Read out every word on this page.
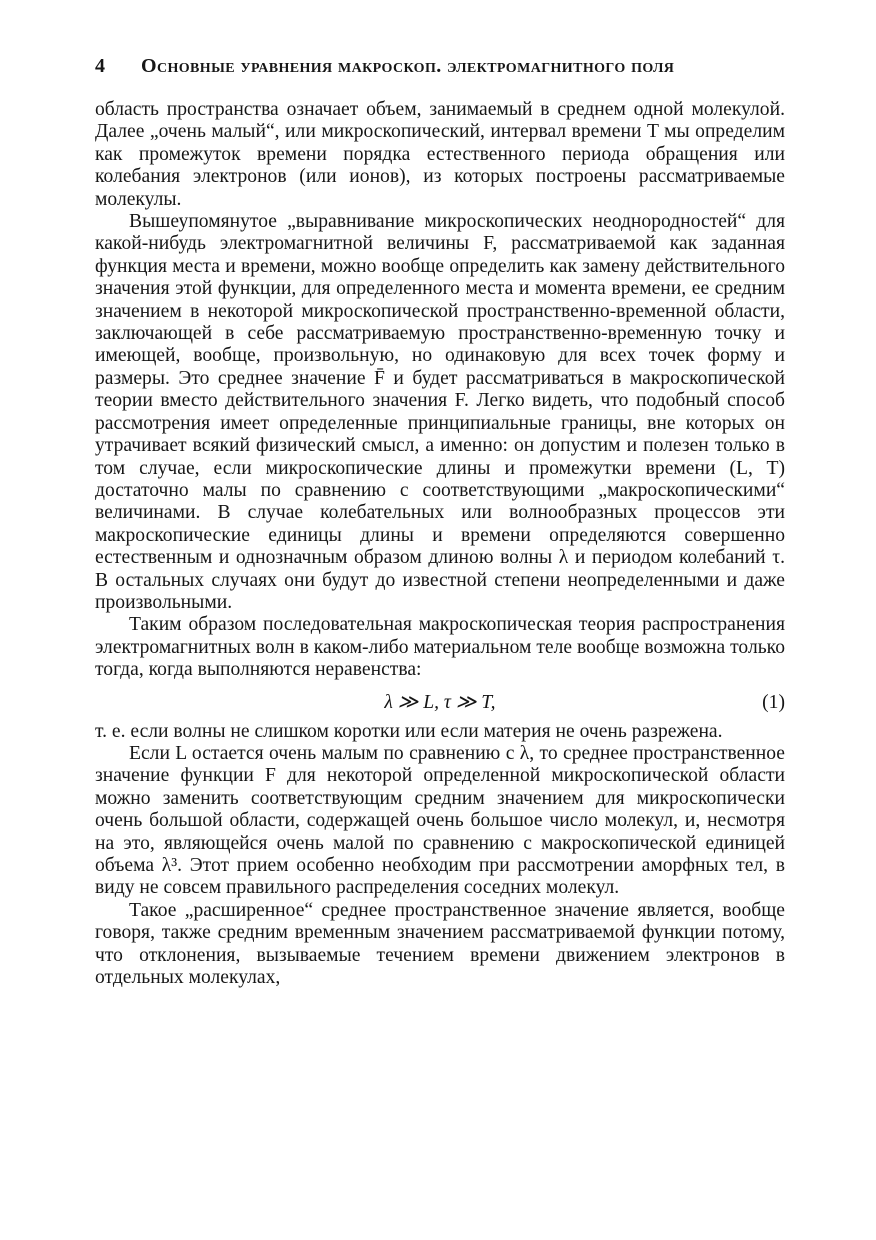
4 Основные уравнения макроскоп. электромагнитного поля

область пространства означает объем, занимаемый в среднем одной молекулой. Далее „очень малый“, или микроскопический, интервал времени T мы определим как промежуток времени порядка естественного периода обращения или колебания электронов (или ионов), из которых построены рассматриваемые молекулы.

Вышеупомянутое „выравнивание микроскопических неоднородностей“ для какой-нибудь электромагнитной величины F, рассматриваемой как заданная функция места и времени, можно вообще определить как замену действительного значения этой функции, для определенного места и момента времени, ее средним значением в некоторой микроскопической пространственно-временной области, заключающей в себе рассматриваемую пространственно-временную точку и имеющей, вообще, произвольную, но одинаковую для всех точек форму и размеры. Это среднее значение F̄ и будет рассматриваться в макроскопической теории вместо действительного значения F. Легко видеть, что подобный способ рассмотрения имеет определенные принципиальные границы, вне которых он утрачивает всякий физический смысл, а именно: он допустим и полезен только в том случае, если микроскопические длины и промежутки времени (L, T) достаточно малы по сравнению с соответствующими „макроскопическими“ величинами. В случае колебательных или волнообразных процессов эти макроскопические единицы длины и времени определяются совершенно естественным и однозначным образом длиною волны λ и периодом колебаний τ. В остальных случаях они будут до известной степени неопределенными и даже произвольными.

Таким образом последовательная макроскопическая теория распространения электромагнитных волн в каком-либо материальном теле вообще возможна только тогда, когда выполняются неравенства:

λ ≫ L, τ ≫ T,	(1)

т. е. если волны не слишком коротки или если материя не очень разрежена.

Если L остается очень малым по сравнению с λ, то среднее пространственное значение функции F для некоторой определенной микроскопической области можно заменить соответствующим средним значением для микроскопически очень большой области, содержащей очень большое число молекул, и, несмотря на это, являющейся очень малой по сравнению с макроскопической единицей объема λ³. Этот прием особенно необходим при рассмотрении аморфных тел, в виду не совсем правильного распределения соседних молекул.

Такое „расширенное“ среднее пространственное значение является, вообще говоря, также средним временным значением рассматриваемой функции потому, что отклонения, вызываемые течением времени движением электронов в отдельных молекулах,
